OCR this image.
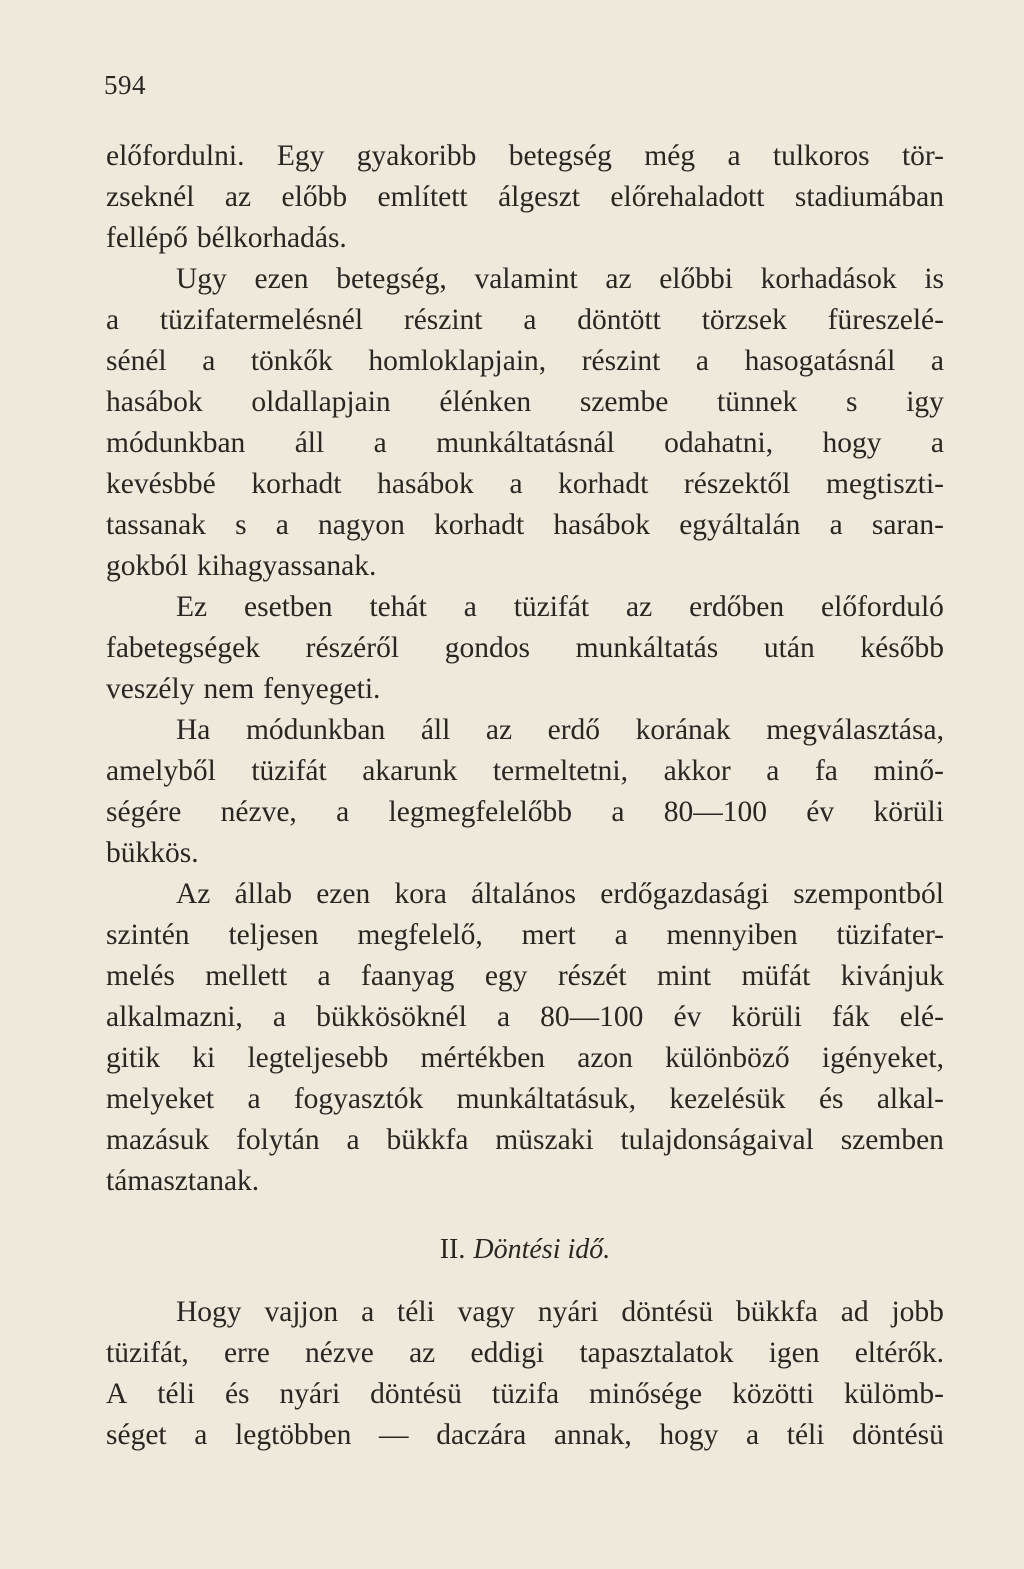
594
előfordulni. Egy gyakoribb betegség még a tulkoros tör-
zseknél az előbb említett álgeszt előrehaladott stadiumában
fellépő bélkorhadás.
Ugy ezen betegség, valamint az előbbi korhadások is
a tüzifatermelésnél részint a döntött törzsek füreszelé-
sénél a tönkők homloklapjain, részint a hasogatásnál a
hasábok oldallapjain élénken szembe tünnek s igy
módunkban áll a munkáltatásnál odahatni, hogy a
kevésbbé korhadt hasábok a korhadt részektől megtiszti-
tassanak s a nagyon korhadt hasábok egyáltalán a saran-
gokból kihagyassanak.
Ez esetben tehát a tüzifát az erdőben előforduló
fabetegségek részéről gondos munkáltatás után később
veszély nem fenyegeti.
Ha módunkban áll az erdő korának megválasztása,
amelyből tüzifát akarunk termeltetni, akkor a fa minő-
ségére nézve, a legmegfelelőbb a 80—100 év körüli
bükkös.
Az állab ezen kora általános erdőgazdasági szempontból
szintén teljesen megfelelő, mert a mennyiben tüzifater-
melés mellett a faanyag egy részét mint müfát kivánjuk
alkalmazni, a bükkösöknél a 80—100 év körüli fák elé-
gitik ki legteljesebb mértékben azon különböző igényeket,
melyeket a fogyasztók munkáltatásuk, kezelésük és alkal-
mazásuk folytán a bükkfa müszaki tulajdonságaival szemben
támasztanak.
II. Döntési idő.
Hogy vajjon a téli vagy nyári döntésü bükkfa ad jobb
tüzifát, erre nézve az eddigi tapasztalatok igen eltérők.
A téli és nyári döntésü tüzifa minősége közötti külömb-
séget a legtöbben — daczára annak, hogy a téli döntésü
